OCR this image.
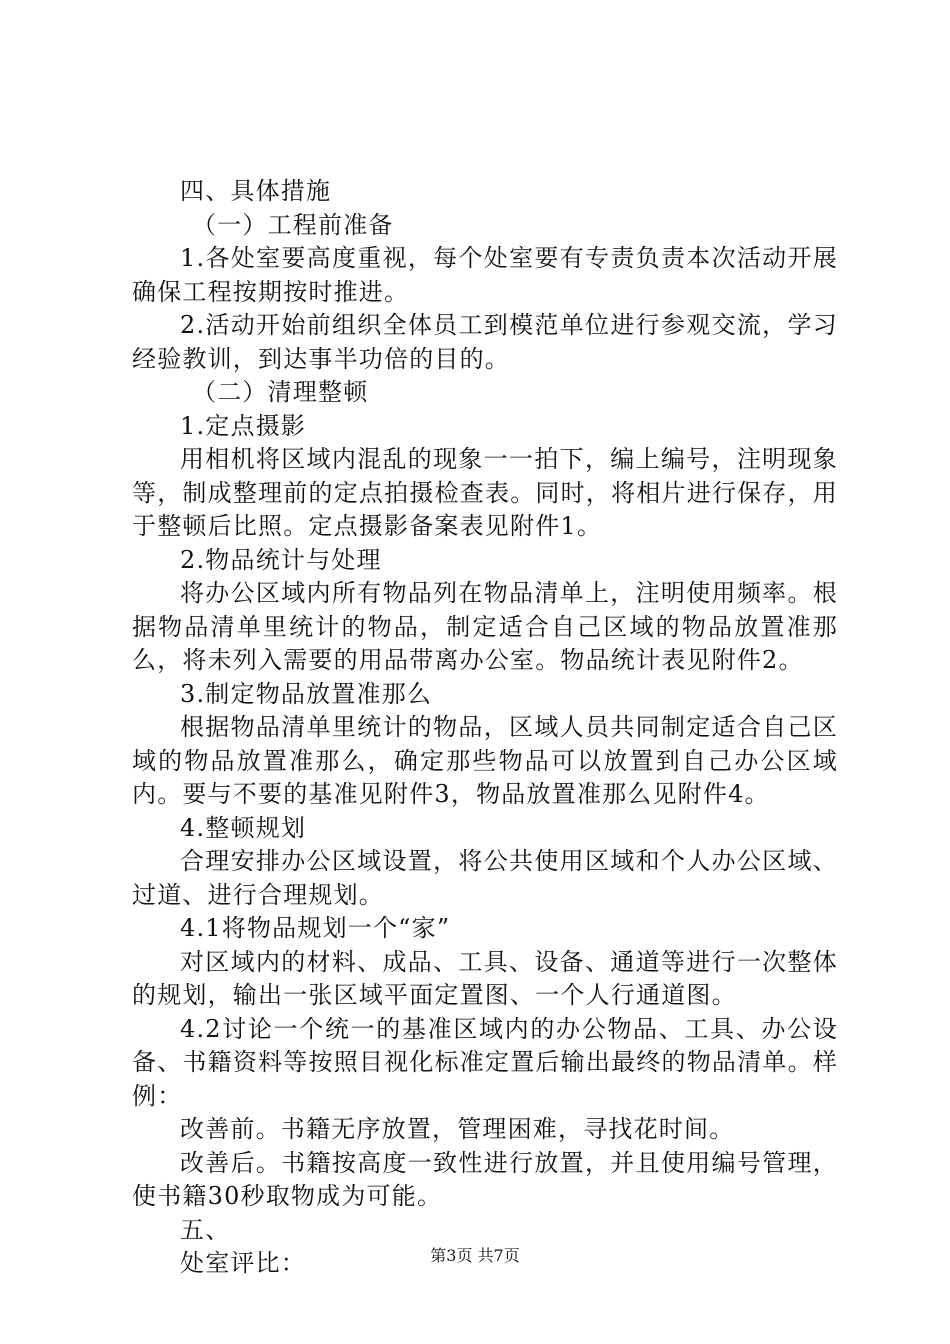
四、具体措施

（一）工程前准备

1.各处室要高度重视，每个处室要有专责负责本次活动开展确保工程按期按时推进。

2.活动开始前组织全体员工到模范单位进行参观交流，学习经验教训，到达事半功倍的目的。

（二）清理整顿

1.定点摄影

用相机将区域内混乱的现象一一拍下，编上编号，注明现象等，制成整理前的定点拍摄检查表。同时，将相片进行保存，用于整顿后比照。定点摄影备案表见附件1。

2.物品统计与处理

将办公区域内所有物品列在物品清单上，注明使用频率。根据物品清单里统计的物品，制定适合自己区域的物品放置准那么，将未列入需要的用品带离办公室。物品统计表见附件2。

3.制定物品放置准那么

根据物品清单里统计的物品，区域人员共同制定适合自己区域的物品放置准那么，确定那些物品可以放置到自己办公区域内。要与不要的基准见附件3，物品放置准那么见附件4。

4.整顿规划

合理安排办公区域设置，将公共使用区域和个人办公区域、过道、进行合理规划。

4.1将物品规划一个“家”

对区域内的材料、成品、工具、设备、通道等进行一次整体的规划，输出一张区域平面定置图、一个人行通道图。

4.2讨论一个统一的基准区域内的办公物品、工具、办公设备、书籍资料等按照目视化标准定置后输出最终的物品清单。样例：

改善前。书籍无序放置，管理困难，寻找花时间。

改善后。书籍按高度一致性进行放置，并且使用编号管理，使书籍30秒取物成为可能。

五、

处室评比：	第3页 共7页
